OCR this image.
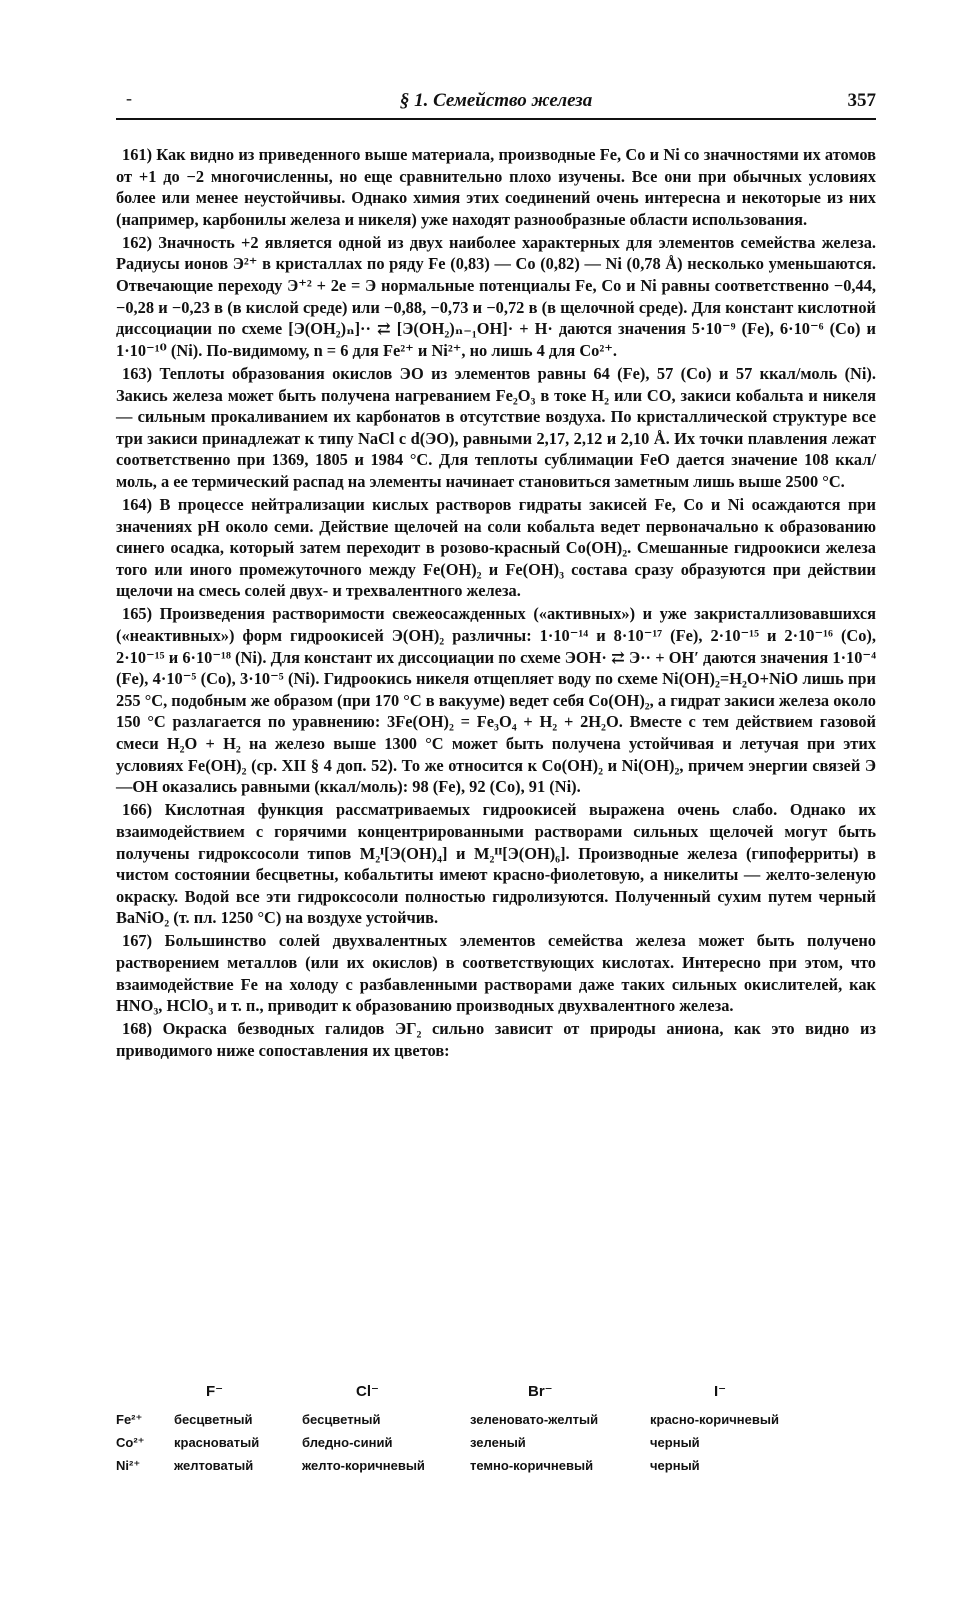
-	§ 1. Семейство железа	357

161) Как видно из приведенного выше материала, производные Fe, Co и Ni со значностями их атомов от +1 до −2 многочисленны, но еще сравнительно плохо изучены. Все они при обычных условиях более или менее неустойчивы. Однако химия этих соединений очень интересна и некоторые из них (например, карбонилы железа и никеля) уже находят разнообразные области использования.

162) Значность +2 является одной из двух наиболее характерных для элементов семейства железа. Радиусы ионов Э²⁺ в кристаллах по ряду Fe (0,83) — Co (0,82) — Ni (0,78 Å) несколько уменьшаются. Отвечающие переходу Э⁺² + 2e = Э нормальные потенциалы Fe, Co и Ni равны соответственно −0,44, −0,28 и −0,23 в (в кислой среде) или −0,88, −0,73 и −0,72 в (в щелочной среде). Для констант кислотной диссоциации по схеме [Э(OH₂)ₙ]·· ⇄ [Э(OH₂)ₙ₋₁OH]· + H· даются значения 5·10⁻⁹ (Fe), 6·10⁻⁶ (Co) и 1·10⁻¹⁰ (Ni). По-видимому, n = 6 для Fe²⁺ и Ni²⁺, но лишь 4 для Co²⁺.

163) Теплоты образования окислов ЭО из элементов равны 64 (Fe), 57 (Co) и 57 ккал/моль (Ni). Закись железа может быть получена нагреванием Fe₂O₃ в токе H₂ или CO, закиси кобальта и никеля — сильным прокаливанием их карбонатов в отсутствие воздуха. По кристаллической структуре все три закиси принадлежат к типу NaCl с d(ЭO), равными 2,17, 2,12 и 2,10 Å. Их точки плавления лежат соответственно при 1369, 1805 и 1984 °C. Для теплоты сублимации FeO дается значение 108 ккал/моль, а ее термический распад на элементы начинает становиться заметным лишь выше 2500 °C.

164) В процессе нейтрализации кислых растворов гидраты закисей Fe, Co и Ni осаждаются при значениях pH около семи. Действие щелочей на соли кобальта ведет первоначально к образованию синего осадка, который затем переходит в розово-красный Co(OH)₂. Смешанные гидроокиси железа того или иного промежуточного между Fe(OH)₂ и Fe(OH)₃ состава сразу образуются при действии щелочи на смесь солей двух- и трехвалентного железа.

165) Произведения растворимости свежеосажденных («активных») и уже закристаллизовавшихся («неактивных») форм гидроокисей Э(OH)₂ различны: 1·10⁻¹⁴ и 8·10⁻¹⁷ (Fe), 2·10⁻¹⁵ и 2·10⁻¹⁶ (Co), 2·10⁻¹⁵ и 6·10⁻¹⁸ (Ni). Для констант их диссоциации по схеме ЭOH· ⇄ Э·· + OH′ даются значения 1·10⁻⁴ (Fe), 4·10⁻⁵ (Co), 3·10⁻⁵ (Ni). Гидроокись никеля отщепляет воду по схеме Ni(OH)₂=H₂O+NiO лишь при 255 °C, подобным же образом (при 170 °C в вакууме) ведет себя Co(OH)₂, а гидрат закиси железа около 150 °C разлагается по уравнению: 3Fe(OH)₂ = Fe₃O₄ + H₂ + 2H₂O. Вместе с тем действием газовой смеси H₂O + H₂ на железо выше 1300 °C может быть получена устойчивая и летучая при этих условиях Fe(OH)₂ (ср. XII § 4 доп. 52). То же относится к Co(OH)₂ и Ni(OH)₂, причем энергии связей Э—OH оказались равными (ккал/моль): 98 (Fe), 92 (Co), 91 (Ni).

166) Кислотная функция рассматриваемых гидроокисей выражена очень слабо. Однако их взаимодействием с горячими концентрированными растворами сильных щелочей могут быть получены гидроксосоли типов M₂ᴵ[Э(OH)₄] и M₂ᴵᴵ[Э(OH)₆]. Производные железа (гипоферриты) в чистом состоянии бесцветны, кобальтиты имеют красно-фиолетовую, а никелиты — желто-зеленую окраску. Водой все эти гидроксосоли полностью гидролизуются. Полученный сухим путем черный BaNiO₂ (т. пл. 1250 °C) на воздухе устойчив.

167) Большинство солей двухвалентных элементов семейства железа может быть получено растворением металлов (или их окислов) в соответствующих кислотах. Интересно при этом, что взаимодействие Fe на холоду с разбавленными растворами даже таких сильных окислителей, как HNO₃, HClO₃ и т. п., приводит к образованию производных двухвалентного железа.

168) Окраска безводных галидов ЭГ₂ сильно зависит от природы аниона, как это видно из приводимого ниже сопоставления их цветов:

F⁻	Cl⁻	Br⁻	I⁻
Fe²⁺ бесцветный	бесцветный	зеленовато-желтый	красно-коричневый
Co²⁺ красноватый	бледно-синий	зеленый	черный
Ni²⁺	желтоватый	желто-коричневый	темно-коричневый	черный
